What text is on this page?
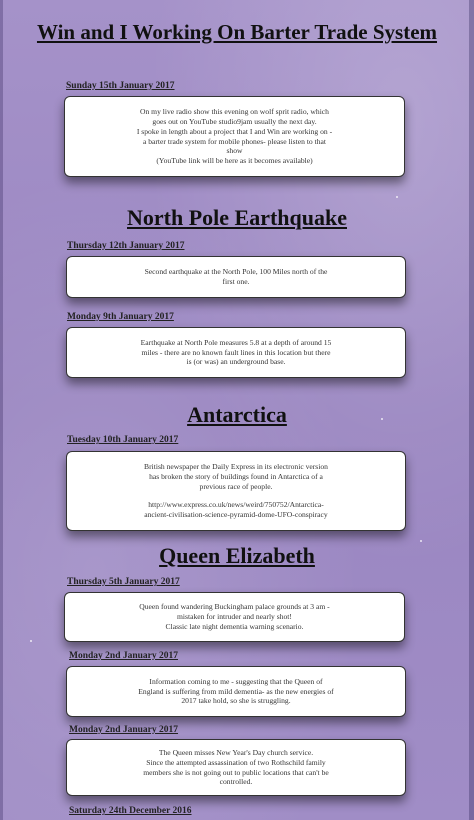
Win and I Working On Barter Trade System
Sunday 15th January 2017

On my live radio show this evening on wolf sprit radio, which
goes out on YouTube studio9jam usually the next day.
I spoke in length about a project that I and Win are working on -
a barter trade system for mobile phones- please listen to that
show
(YouTube link will be here as it becomes available)

North Pole Earthquake
Thursday 12th January 2017

Second earthquake at the North Pole, 100 Miles north of the
first one.

Monday 9th January 2017

Earthquake at North Pole measures 5.8 at a depth of around 15
miles - there are no known fault lines in this location but there
is (or was) an underground base.

Antarctica
Tuesday 10th January 2017

British newspaper the Daily Express in its electronic version
has broken the story of buildings found in Antarctica of a
previous race of people.

http://www.express.co.uk/news/weird/750752/Antarctica-
ancient-civilisation-science-pyramid-dome-UFO-conspiracy

Queen Elizabeth
Thursday 5th January 2017

Queen found wandering Buckingham palace grounds at 3 am -
mistaken for intruder and nearly shot!
Classic late night dementia warning scenario.

Monday 2nd January 2017

Information coming to me - suggesting that the Queen of
England is suffering from mild dementia- as the new energies of
2017 take hold, so she is struggling.

Monday 2nd January 2017

The Queen misses New Year's Day church service.
Since the attempted assassination of two Rothschild family
members she is not going out to public locations that can't be
controlled.

Saturday 24th December 2016
